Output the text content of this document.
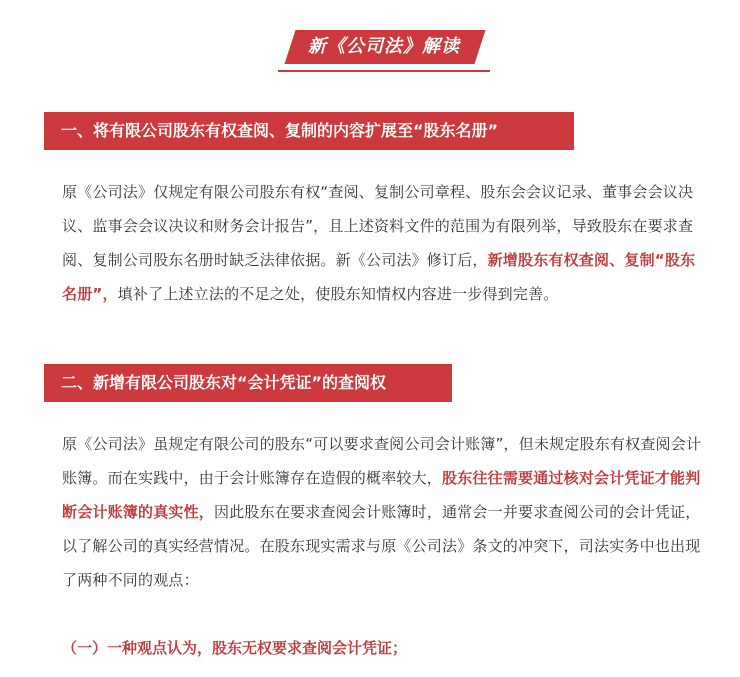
新《公司法》解读
一、将有限公司股东有权查阅、复制的内容扩展至“股东名册”
原《公司法》仅规定有限公司股东有权“查阅、复制公司章程、股东会会议记录、董事会会议决议、监事会会议决议和财务会计报告”，且上述资料文件的范围为有限列举，导致股东在要求查阅、复制公司股东名册时缺乏法律依据。新《公司法》修订后，新增股东有权查阅、复制“股东名册”，填补了上述立法的不足之处，使股东知情权内容进一步得到完善。
二、新增有限公司股东对“会计凭证”的查阅权
原《公司法》虽规定有限公司的股东“可以要求查阅公司会计账簿”，但未规定股东有权查阅会计账簿。而在实践中，由于会计账簿存在造假的概率较大，股东往往需要通过核对会计凭证才能判断会计账簿的真实性，因此股东在要求查阅会计账簿时，通常会一并要求查阅公司的会计凭证，以了解公司的真实经营情况。在股东现实需求与原《公司法》条文的冲突下，司法实务中也出现了两种不同的观点：
（一）一种观点认为，股东无权要求查阅会计凭证；
